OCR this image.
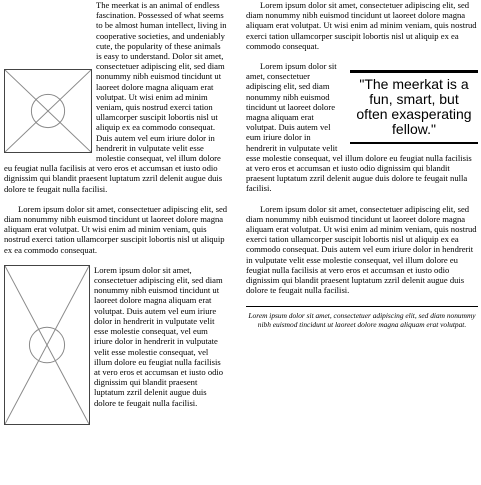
The meerkat is an animal of endless fascination. Possessed of what seems to be almost human intellect, living in cooperative societies, and undeniably cute, the popularity of these animals is easy to understand. Dolor sit amet, consectetuer adipiscing elit, sed diam nonummy nibh euismod tincidunt ut laoreet dolore magna aliquam erat volutpat. Ut wisi enim ad minim veniam, quis nostrud exerci tation ullamcorper suscipit lobortis nisl ut aliquip ex ea commodo consequat. Duis autem vel eum iriure dolor in hendrerit in vulputate velit esse molestie consequat, vel illum dolore eu feugiat nulla facilisis at vero eros et accumsan et iusto odio dignissim qui blandit praesent luptatum zzril delenit augue duis dolore te feugait nulla facilisi.

Lorem ipsum dolor sit amet, consectetuer adipiscing elit, sed diam nonummy nibh euismod tincidunt ut laoreet dolore magna aliquam erat volutpat. Ut wisi enim ad minim veniam, quis nostrud exerci tation ullamcorper suscipit lobortis nisl ut aliquip ex ea commodo consequat.

Lorem ipsum dolor sit amet, consectetuer adipiscing elit, sed diam nonummy nibh euismod tincidunt ut laoreet dolore magna aliquam erat volutpat. Duis autem vel eum iriure dolor in hendrerit in vulputate velit esse molestie consequat, vel eum iriure dolor in hendrerit in vulputate velit esse molestie consequat, vel illum dolore eu feugiat nulla facilisis at vero eros et accumsan et iusto odio dignissim qui blandit praesent luptatum zzril delenit augue duis dolore te feugait nulla facilisi.

Lorem ipsum dolor sit amet, consectetuer adipiscing elit, sed diam nonummy nibh euismod tincidunt ut laoreet dolore magna aliquam erat volutpat. Ut wisi enim ad minim veniam, quis nostrud exerci tation ullamcorper suscipit lobortis nisl ut aliquip ex ea commodo consequat.

"The meerkat is a fun, smart, but often exasperating fellow."

Lorem ipsum dolor sit amet, consectetuer adipiscing elit, sed diam nonummy nibh euismod tincidunt ut laoreet dolore magna aliquam erat volutpat. Duis autem vel eum iriure dolor in hendrerit in vulputate velit esse molestie consequat, vel illum dolore eu feugiat nulla facilisis at vero eros et accumsan et iusto odio dignissim qui blandit praesent luptatum zzril delenit augue duis dolore te feugait nulla facilisi.

Lorem ipsum dolor sit amet, consectetuer adipiscing elit, sed diam nonummy nibh euismod tincidunt ut laoreet dolore magna aliquam erat volutpat. Ut wisi enim ad minim veniam, quis nostrud exerci tation ullamcorper suscipit lobortis nisl ut aliquip ex ea commodo consequat. Duis autem vel eum iriure dolor in hendrerit in vulputate velit esse molestie consequat, vel illum dolore eu feugiat nulla facilisis at vero eros et accumsan et iusto odio dignissim qui blandit praesent luptatum zzril delenit augue duis dolore te feugait nulla facilisi.

Lorem ipsum dolor sit amet, consectetuer adipiscing elit, sed diam nonummy nibh euismod tincidunt ut laoreet dolore magna aliquam erat volutpat.
